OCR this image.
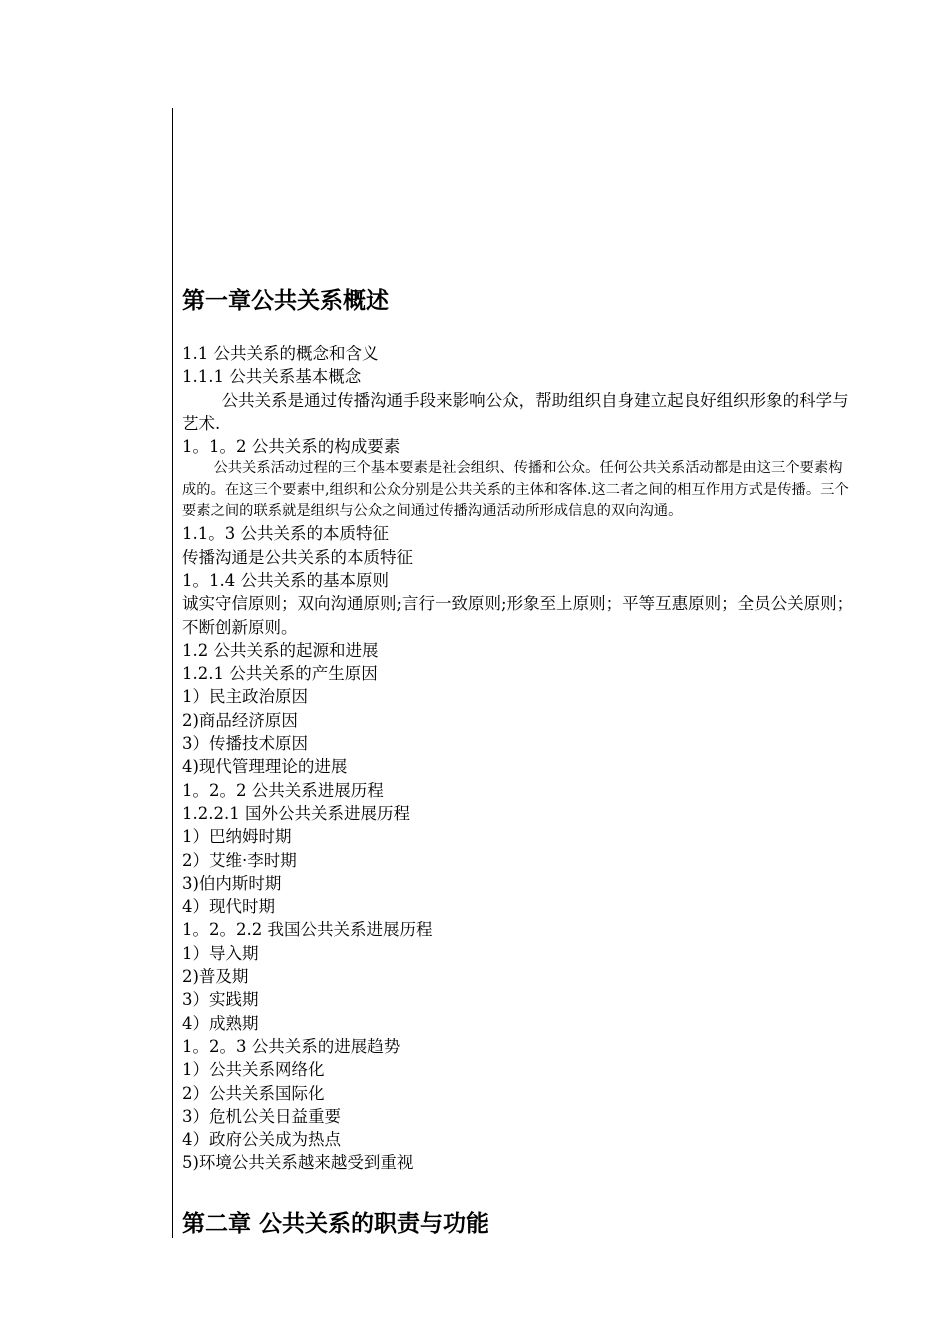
第一章公共关系概述
1.1 公共关系的概念和含义
1.1.1 公共关系基本概念

公共关系是通过传播沟通手段来影响公众，帮助组织自身建立起良好组织形象的科学与艺术.

1。1。2 公共关系的构成要素

公共关系活动过程的三个基本要素是社会组织、传播和公众。任何公共关系活动都是由这三个要素构成的。在这三个要素中,组织和公众分别是公共关系的主体和客体.这二者之间的相互作用方式是传播。三个要素之间的联系就是组织与公众之间通过传播沟通活动所形成信息的双向沟通。

1.1。3 公共关系的本质特征
传播沟通是公共关系的本质特征
1。1.4 公共关系的基本原则

诚实守信原则；双向沟通原则;言行一致原则;形象至上原则；平等互惠原则；全员公关原则；不断创新原则。

1.2 公共关系的起源和进展
1.2.1 公共关系的产生原因
1）民主政治原因
2)商品经济原因
3）传播技术原因
4)现代管理理论的进展
1。2。2 公共关系进展历程
1.2.2.1 国外公共关系进展历程
1）巴纳姆时期
2）艾维·李时期
3)伯内斯时期
4）现代时期
1。2。2.2 我国公共关系进展历程
1）导入期
2)普及期
3）实践期
4）成熟期
1。2。3 公共关系的进展趋势
1）公共关系网络化
2）公共关系国际化
3）危机公关日益重要
4）政府公关成为热点
5)环境公共关系越来越受到重视
第二章 公共关系的职责与功能
